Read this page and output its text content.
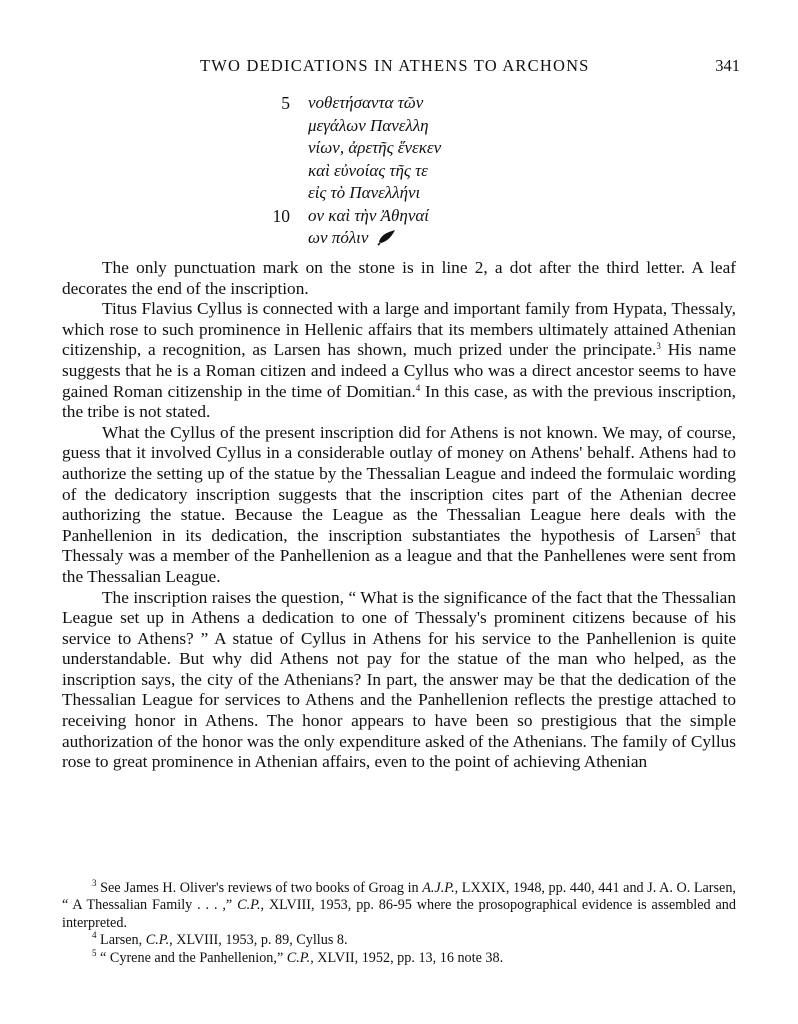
TWO DEDICATIONS IN ATHENS TO ARCHONS	341
5 νοθετήσαντα τῶν
μεγάλων Πανελλη
νίων, ἀρετῆς ἕνεκεν
καὶ εὐνοίας τῆς τε
εἰς τὸ Πανελλήνι
10 ον καὶ τὴν Ἀθηναί
ων πόλιν

The only punctuation mark on the stone is in line 2, a dot after the third letter. A leaf decorates the end of the inscription.

Titus Flavius Cyllus is connected with a large and important family from Hypata, Thessaly, which rose to such prominence in Hellenic affairs that its members ultimately attained Athenian citizenship, a recognition, as Larsen has shown, much prized under the principate.$^3$ His name suggests that he is a Roman citizen and indeed a Cyllus who was a direct ancestor seems to have gained Roman citizenship in the time of Domitian.$^4$ In this case, as with the previous inscription, the tribe is not stated.

What the Cyllus of the present inscription did for Athens is not known. We may, of course, guess that it involved Cyllus in a considerable outlay of money on Athens' behalf. Athens had to authorize the setting up of the statue by the Thessalian League and indeed the formulaic wording of the dedicatory inscription suggests that the inscription cites part of the Athenian decree authorizing the statue. Because the League as the Thessalian League here deals with the Panhellenion in its dedication, the inscription substantiates the hypothesis of Larsen$^5$ that Thessaly was a member of the Panhellenion as a league and that the Panhellenes were sent from the Thessalian League.

The inscription raises the question, “ What is the significance of the fact that the Thessalian League set up in Athens a dedication to one of Thessaly's prominent citizens because of his service to Athens? ” A statue of Cyllus in Athens for his service to the Panhellenion is quite understandable. But why did Athens not pay for the statue of the man who helped, as the inscription says, the city of the Athenians? In part, the answer may be that the dedication of the Thessalian League for services to Athens and the Panhellenion reflects the prestige attached to receiving honor in Athens. The honor appears to have been so prestigious that the simple authorization of the honor was the only expenditure asked of the Athenians. The family of Cyllus rose to great prominence in Athenian affairs, even to the point of achieving Athenian

$^3$ See James H. Oliver's reviews of two books of Groag in A.J.P., LXXIX, 1948, pp. 440, 441 and J. A. O. Larsen, “ A Thessalian Family . . . ,” C.P., XLVIII, 1953, pp. 86-95 where the prosopographical evidence is assembled and interpreted.

$^4$ Larsen, C.P., XLVIII, 1953, p. 89, Cyllus 8.

$^5$ “ Cyrene and the Panhellenion,” C.P., XLVII, 1952, pp. 13, 16 note 38.
